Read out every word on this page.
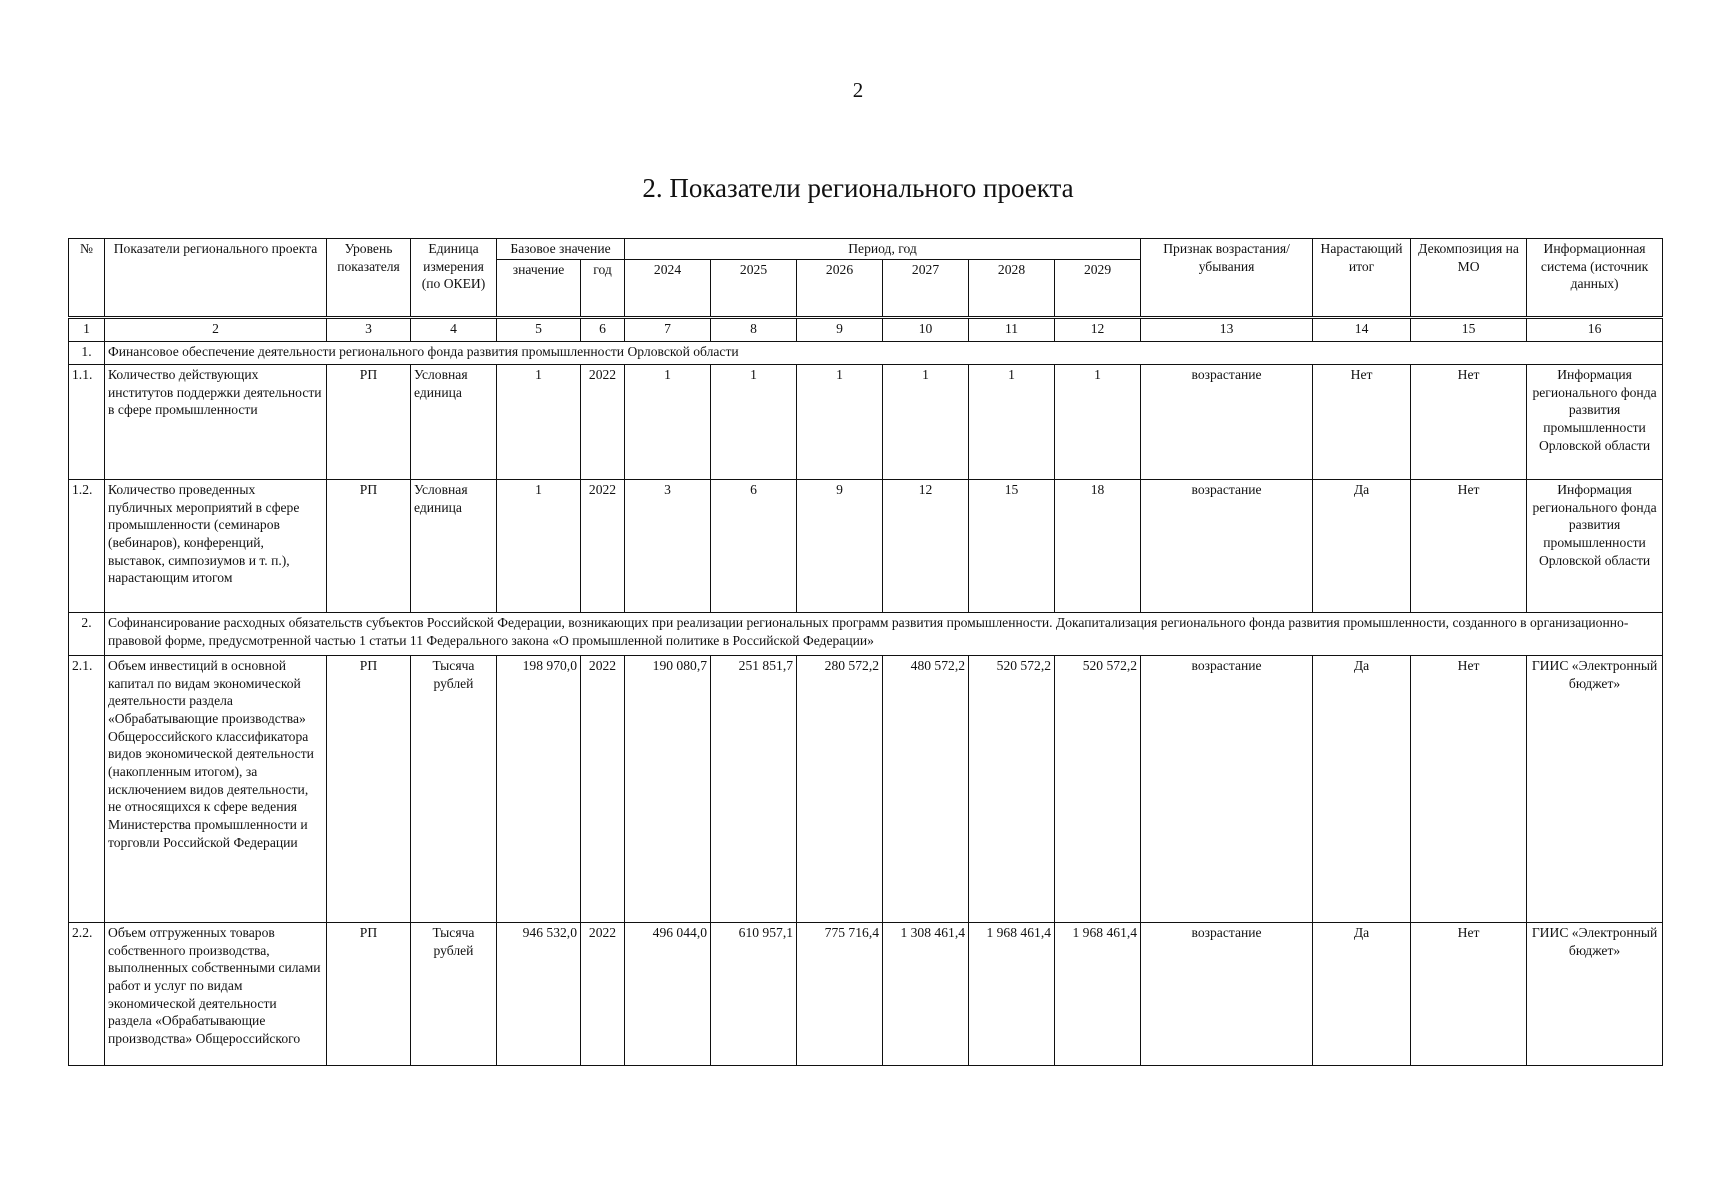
2
2. Показатели регионального проекта
№	Показатели регионального проекта	Уровень показателя	Единица измерения (по ОКЕИ)	Базовое значение		Период, год						Признак возрастания/убывания	Нарастающий итог	Декомпозиция на МО	Информационная система (источник данных)
				значение	год	2024	2025	2026	2027	2028	2029				
1	2	3	4	5	6	7	8	9	10	11	12	13	14	15	16
1.	Финансовое обеспечение деятельности регионального фонда развития промышленности Орловской области														
1.1.	Количество действующих институтов поддержки деятельности в сфере промышленности	РП	Условная единица	1	2022	1	1	1	1	1	1	возрастание	Нет	Нет	Информация регионального фонда развития промышленности Орловской области
1.2.	Количество проведенных публичных мероприятий в сфере промышленности (семинаров (вебинаров), конференций, выставок, симпозиумов и т. п.), нарастающим итогом	РП	Условная единица	1	2022	3	6	9	12	15	18	возрастание	Да	Нет	Информация регионального фонда развития промышленности Орловской области
2.	Софинансирование расходных обязательств субъектов Российской Федерации, возникающих при реализации региональных программ развития промышленности. Докапитализация регионального фонда развития промышленности, созданного в организационно-правовой форме, предусмотренной частью 1 статьи 11 Федерального закона «О промышленной политике в Российской Федерации»														
2.1.	Объем инвестиций в основной капитал по видам экономической деятельности раздела «Обрабатывающие производства» Общероссийского классификатора видов экономической деятельности (накопленным итогом), за исключением видов деятельности, не относящихся к сфере ведения Министерства промышленности и торговли Российской Федерации	РП	Тысяча рублей	198 970,0	2022	190 080,7	251 851,7	280 572,2	480 572,2	520 572,2	520 572,2	возрастание	Да	Нет	ГИИС «Электронный бюджет»
2.2.	Объем отгруженных товаров собственного производства, выполненных собственными силами работ и услуг по видам экономической деятельности раздела «Обрабатывающие производства» Общероссийского	РП	Тысяча рублей	946 532,0	2022	496 044,0	610 957,1	775 716,4	1 308 461,4	1 968 461,4	1 968 461,4	возрастание	Да	Нет	ГИИС «Электронный бюджет»
